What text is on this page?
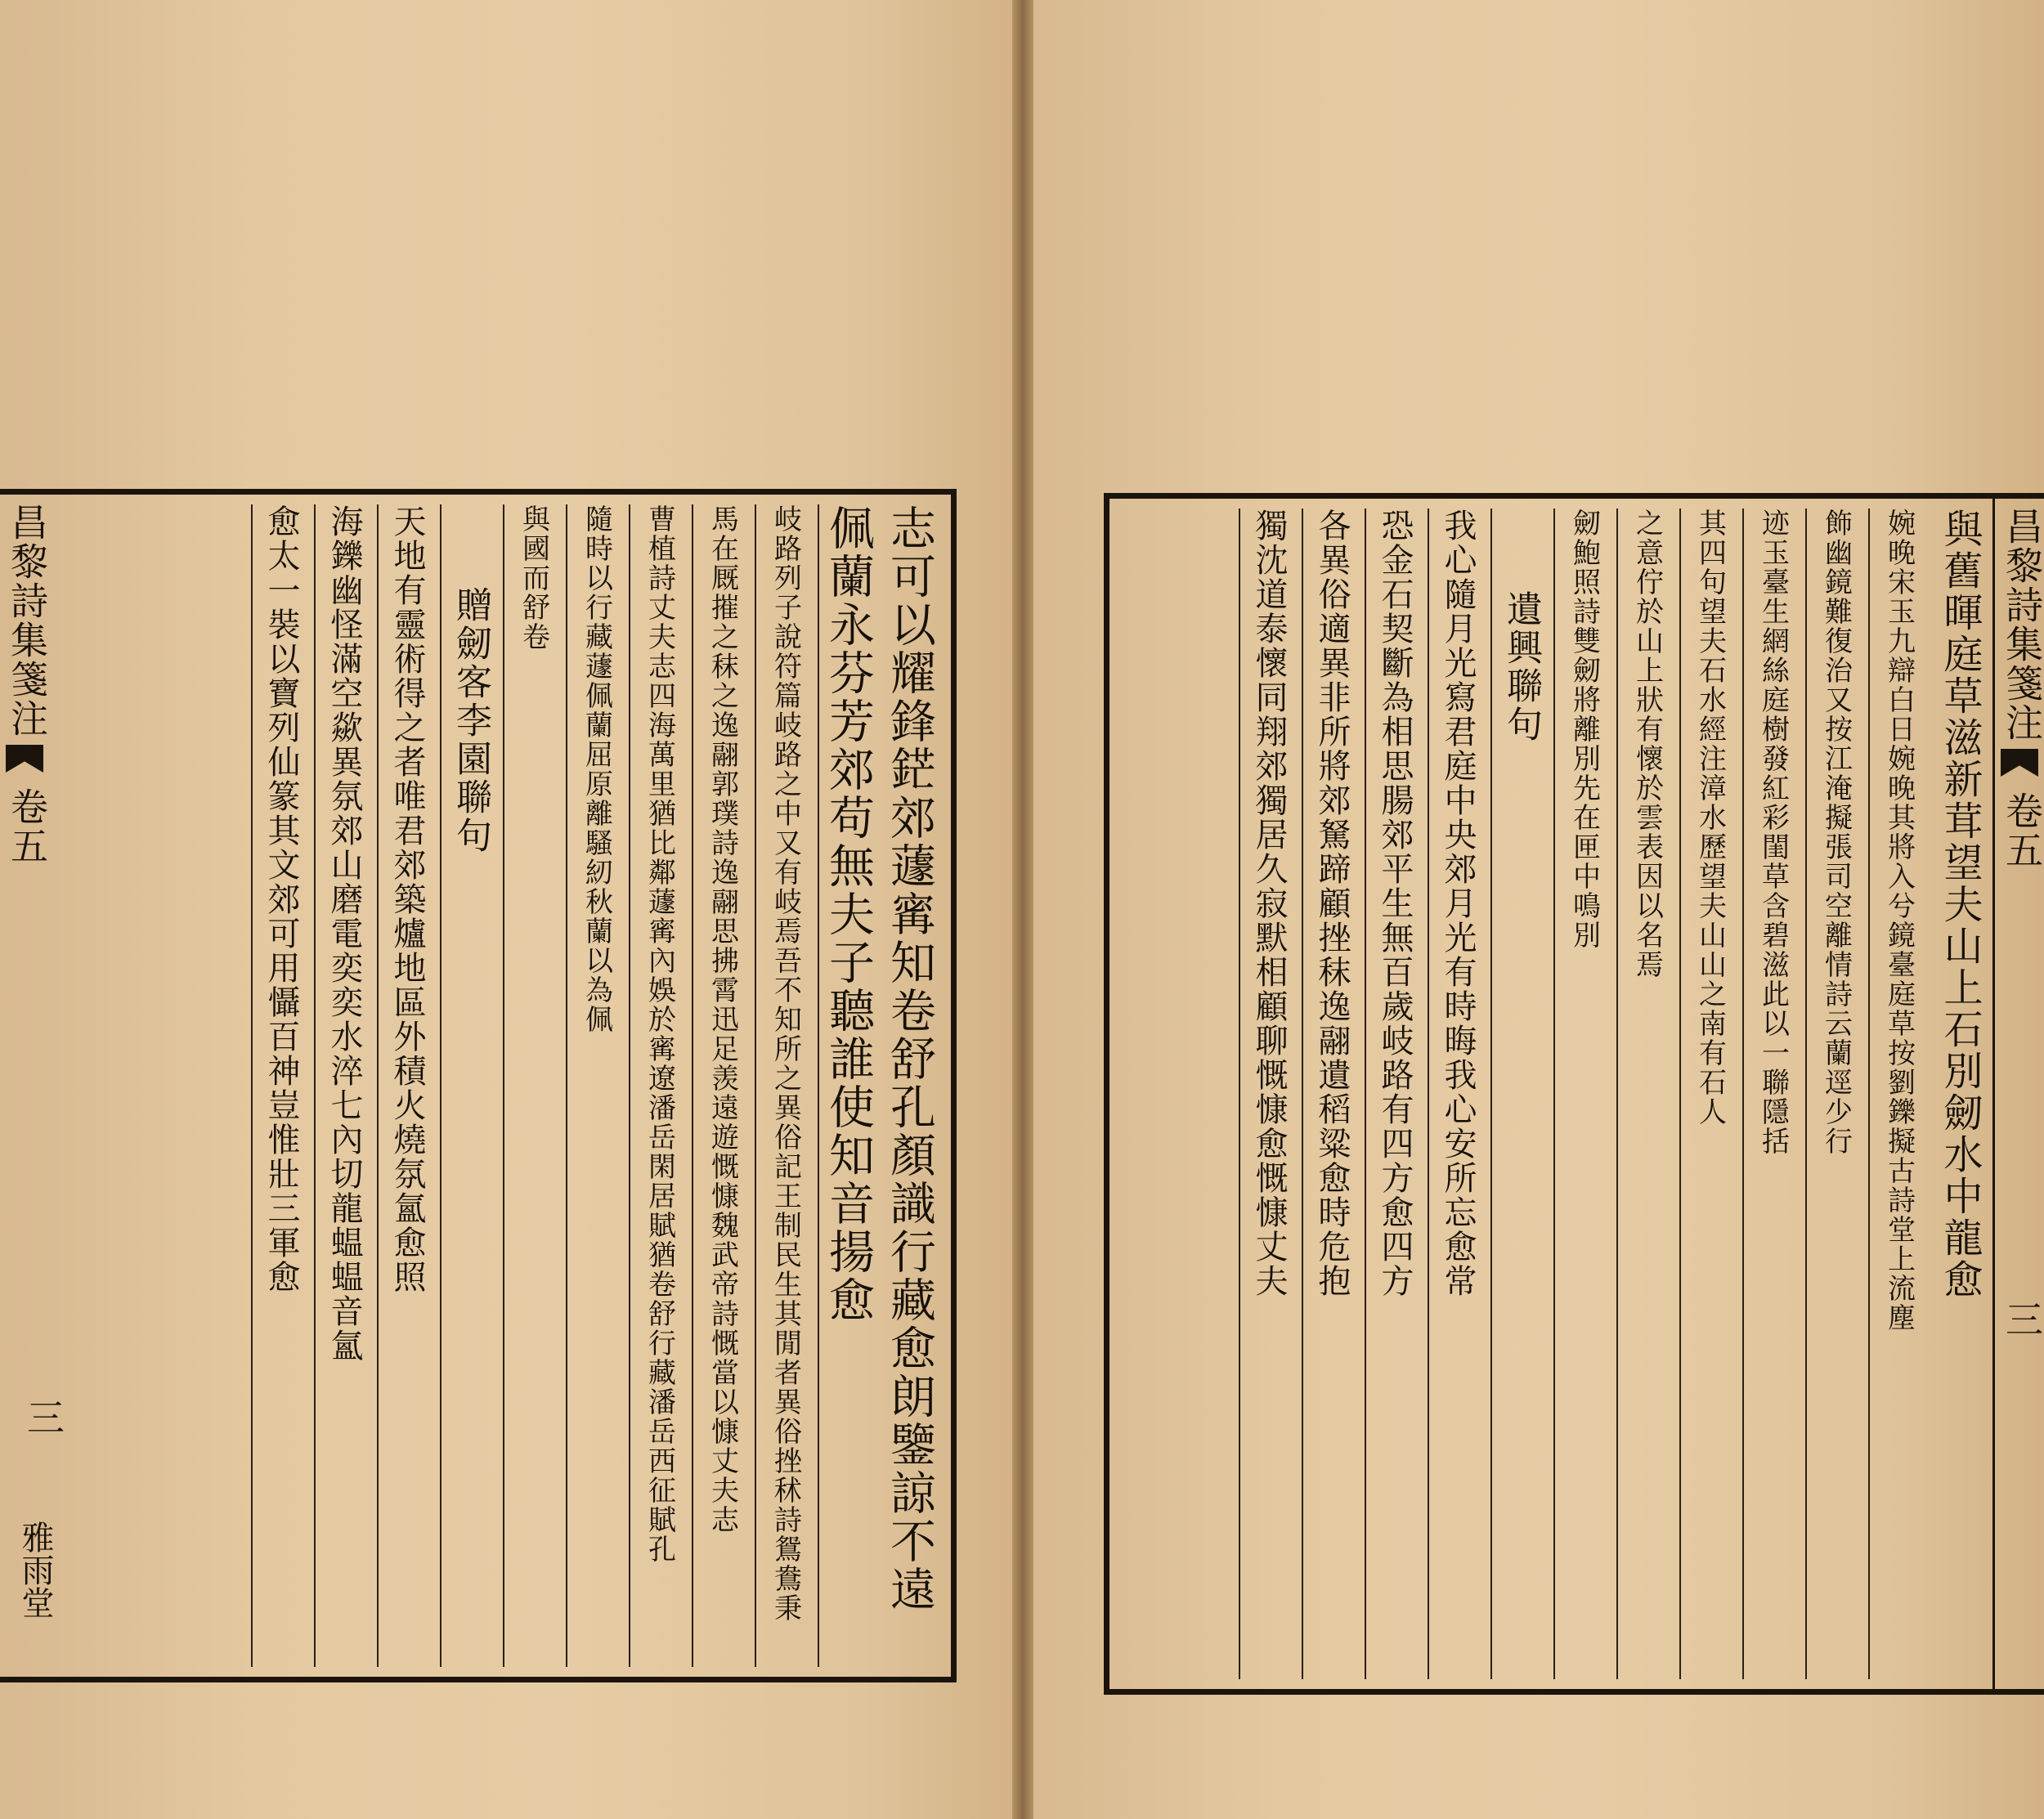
志可以耀鋒鋩郊蘧寗知卷舒孔顏識行藏愈朗鑒諒不遠
佩蘭永芬芳郊苟無夫子聽誰使知音揚愈
岐路列子說符篇岐路之中又有岐焉吾不知所之異俗記王制民生其閒者異俗挫秫詩鴛鴦秉
馬在厩摧之秣之逸翮郭璞詩逸翮思拂霄迅足羡遠遊慨慷魏武帝詩慨當以慷丈夫志
曹植詩丈夫志四海萬里猶比鄰蘧寗內娛於寗遼潘岳閑居賦猶卷舒行藏潘岳西征賦孔
隨時以行藏蘧佩蘭屈原離騷紉秋蘭以為佩
與國而舒卷
贈劒客李園聯句
天地有靈術得之者唯君郊築爐地區外積火燒氛氳愈照
海鑠幽怪滿空歘異氛郊山磨電奕奕水淬七內切龍蝹蝹音氳
愈太一裝以寶列仙篆其文郊可用懾百神豈惟壯三軍愈
昌黎詩集箋注
卷五
三
雅雨堂
昌黎詩集箋注
卷五
與舊暉庭草滋新茸望夫山上石別劒水中龍愈
婉晚宋玉九辯白日婉晚其將入兮鏡臺庭草按劉鑠擬古詩堂上流塵
飾幽鏡難復治又按江淹擬張司空離情詩云蘭逕少行
迹玉臺生網絲庭樹發紅彩閨草含碧滋此以一聯隱括
其四句望夫石水經注漳水歷望夫山山之南有石人
之意佇於山上狀有懷於雲表因以名焉
劒鮑照詩雙劒將離別先在匣中鳴別
遺興聯句
我心隨月光寫君庭中央郊月光有時晦我心安所忘愈常
恐金石契斷為相思腸郊平生無百歲岐路有四方愈四方
各異俗適異非所將郊駑蹄顧挫秣逸翮遺稻粱愈時危抱
獨沈道泰懷同翔郊獨居久寂默相顧聊慨慷愈慨慷丈夫
三
